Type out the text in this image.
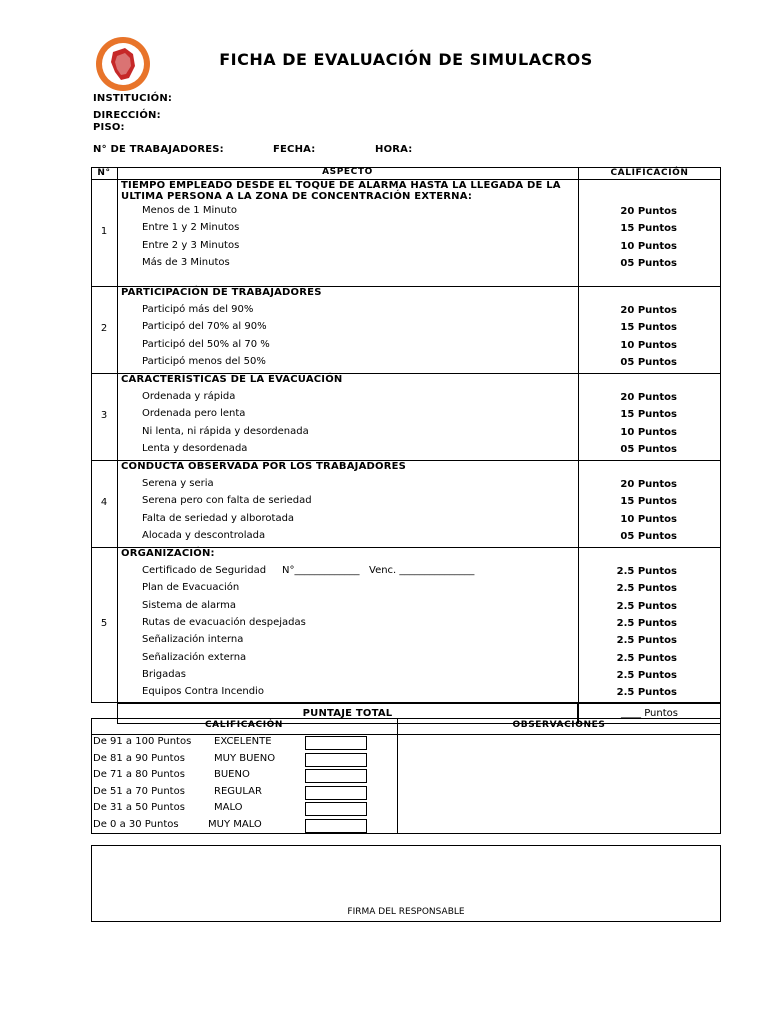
FICHA DE EVALUACIÓN DE SIMULACROS
INSTITUCIÓN:
DIRECCIÓN:
PISO:
N° DE TRABAJADORES:	FECHA:	HORA:
N°	ASPECTO	CALIFICACIÓN
1
TIEMPO EMPLEADO DESDE EL TOQUE DE ALARMA HASTA LA LLEGADA DE LA
ULTIMA PERSONA A LA ZONA DE CONCENTRACIÓN EXTERNA:
Menos de 1 Minuto	20 Puntos
Entre 1 y 2 Minutos	15 Puntos
Entre 2 y 3 Minutos	10 Puntos
Más de 3 Minutos	05 Puntos
2
PARTICIPACIÓN DE TRABAJADORES
Participó más del 90%	20 Puntos
Participó del 70% al 90%	15 Puntos
Participó del 50% al 70 %	10 Puntos
Participó menos del 50%	05 Puntos
3
CARACTERÍSTICAS DE LA EVACUACIÓN
Ordenada y rápida	20 Puntos
Ordenada pero lenta	15 Puntos
Ni lenta, ni rápida y desordenada	10 Puntos
Lenta y desordenada	05 Puntos
4
CONDUCTA OBSERVADA POR LOS TRABAJADORES
Serena y seria	20 Puntos
Serena pero con falta de seriedad	15 Puntos
Falta de seriedad y alborotada	10 Puntos
Alocada y descontrolada	05 Puntos
5
ORGANIZACIÓN:
Certificado de Seguridad     N°_____________   Venc. _______________	2.5 Puntos
Plan de Evacuación	2.5 Puntos
Sistema de alarma	2.5 Puntos
Rutas de evacuación despejadas	2.5 Puntos
Señalización interna	2.5 Puntos
Señalización externa	2.5 Puntos
Brigadas	2.5 Puntos
Equipos Contra Incendio	2.5 Puntos
PUNTAJE TOTAL	____ Puntos
CALIFICACIÓN	OBSERVACIONES
De 91 a 100 Puntos EXCELENTE
De 81 a 90 Puntos	MUY BUENO
De 71 a 80 Puntos	BUENO
De 51 a 70 Puntos	REGULAR
De 31 a 50 Puntos	MALO
De 0 a 30 Puntos	MUY MALO
FIRMA DEL RESPONSABLE
